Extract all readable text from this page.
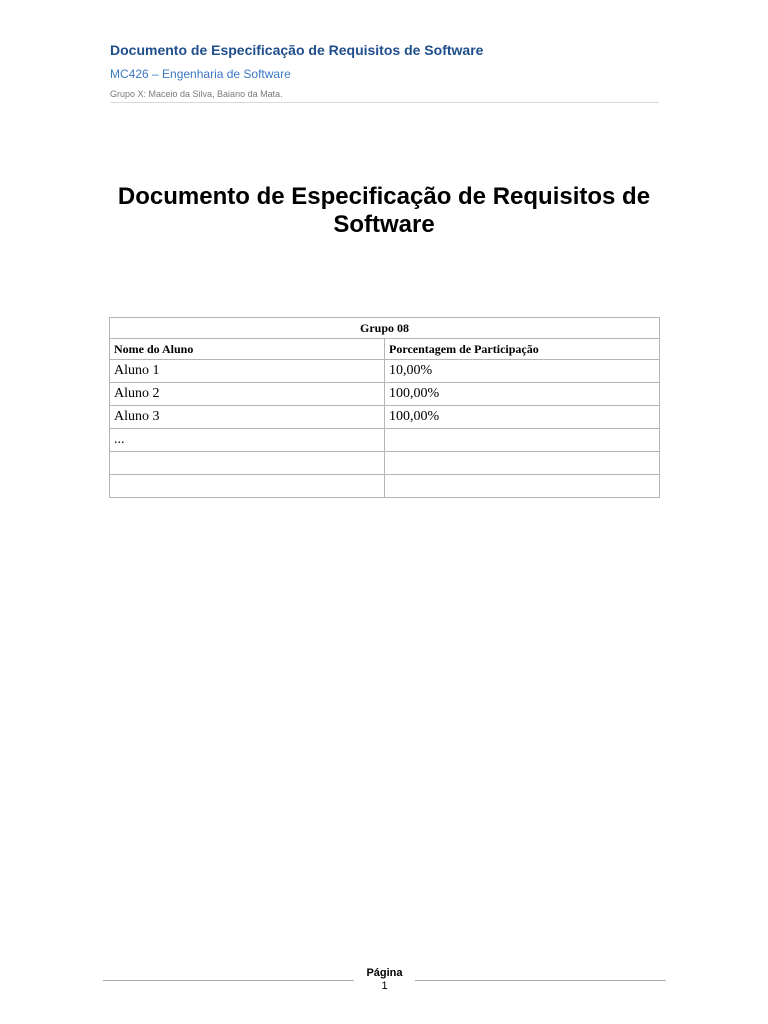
Documento de Especificação de Requisitos de Software
MC426 – Engenharia de Software
Grupo X: Maceio da Silva, Baiano da Mata.
Documento de Especificação de Requisitos de Software
Grupo 08	
Nome do Aluno	Porcentagem de Participação
Aluno 1	10,00%
Aluno 2	100,00%
Aluno 3	100,00%
...	

Página
1
